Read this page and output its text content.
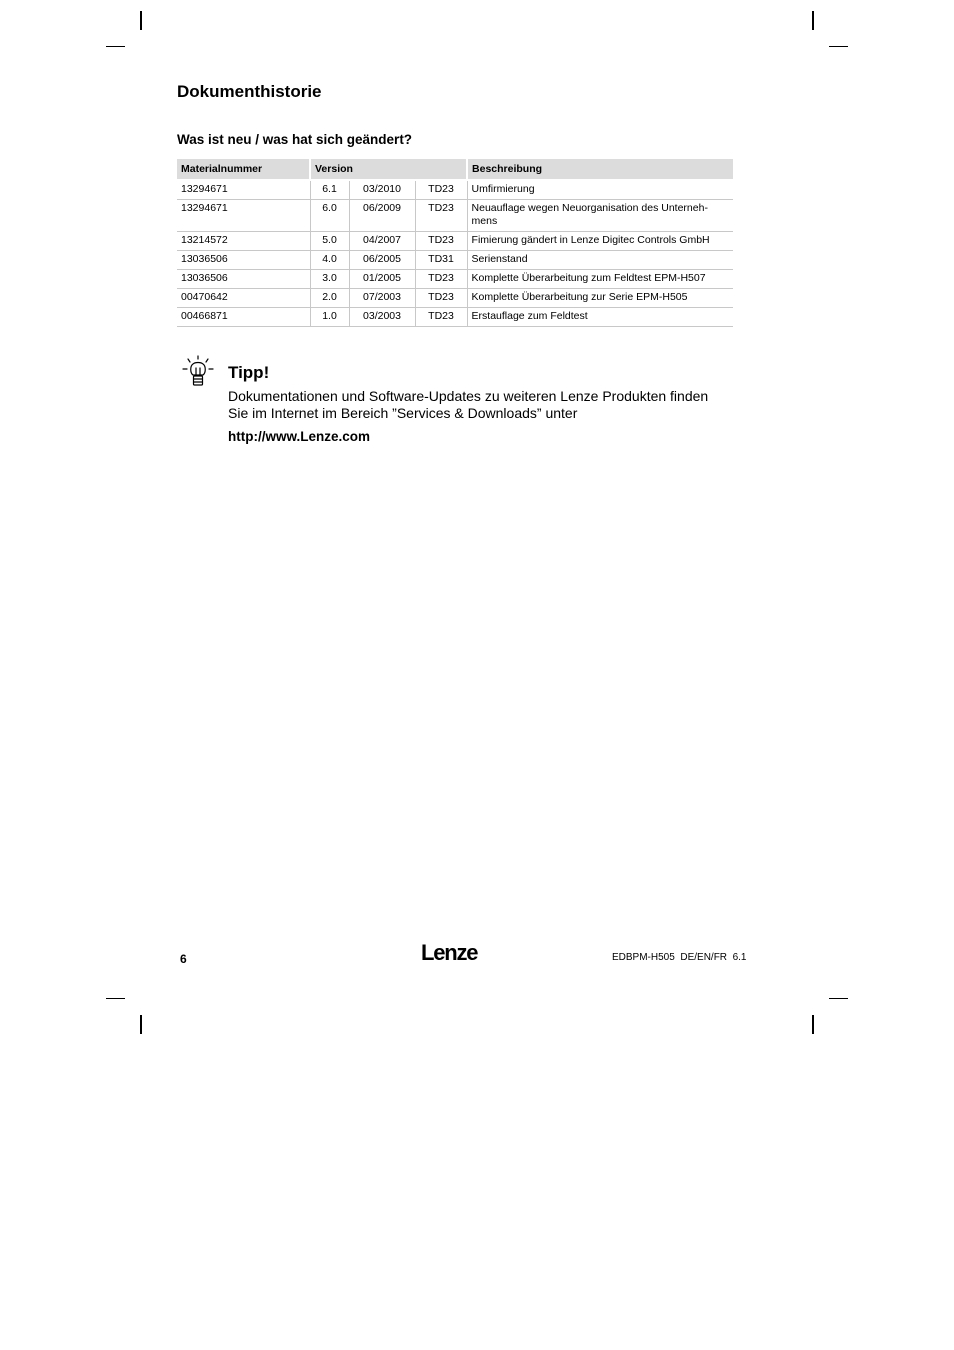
Dokumenthistorie
Was ist neu / was hat sich geändert?
Materialnummer	Version			Beschreibung
13294671	6.1	03/2010	TD23	Umfirmierung
13294671	6.0	06/2009	TD23	Neuauflage wegen Neuorganisation des Unterneh-
mens
13214572	5.0	04/2007	TD23	Fimierung gändert in Lenze Digitec Controls GmbH
13036506	4.0	06/2005	TD31	Serienstand
13036506	3.0	01/2005	TD23	Komplette Überarbeitung zum Feldtest EPM-H507
00470642	2.0	07/2003	TD23	Komplette Überarbeitung zur Serie EPM-H505
00466871	1.0	03/2003	TD23	Erstauflage zum Feldtest
Tipp!

Dokumentationen und Software-Updates zu weiteren Lenze Produkten finden Sie im Internet im Bereich ”Services & Downloads” unter

http://www.Lenze.com

6	Lenze	EDBPM-H505  DE/EN/FR  6.1
